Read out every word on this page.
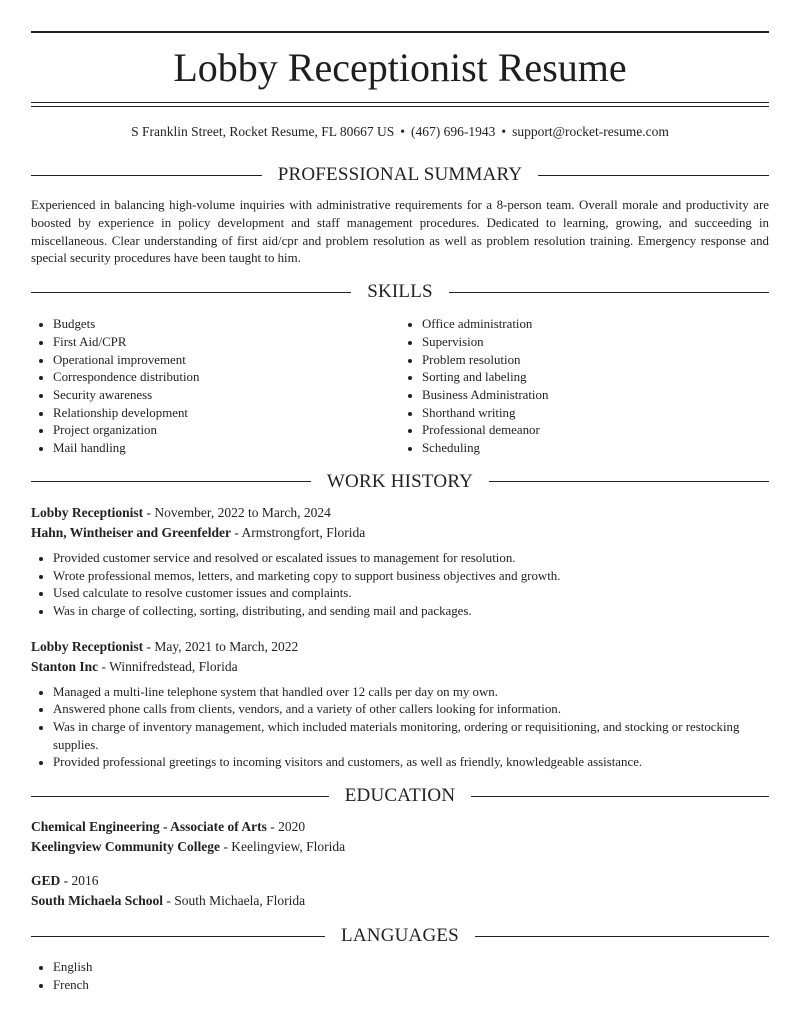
Lobby Receptionist Resume
S Franklin Street, Rocket Resume, FL 80667 US • (467) 696-1943 • support@rocket-resume.com
PROFESSIONAL SUMMARY

Experienced in balancing high-volume inquiries with administrative requirements for a 8-person team. Overall morale and productivity are boosted by experience in policy development and staff management procedures. Dedicated to learning, growing, and succeeding in miscellaneous. Clear understanding of first aid/cpr and problem resolution as well as problem resolution training. Emergency response and special security procedures have been taught to him.

SKILLS
• Budgets
• First Aid/CPR
• Operational improvement
• Correspondence distribution
• Security awareness
• Relationship development
• Project organization
• Mail handling
• Office administration
• Supervision
• Problem resolution
• Sorting and labeling
• Business Administration
• Shorthand writing
• Professional demeanor
• Scheduling
WORK HISTORY
Lobby Receptionist - November, 2022 to March, 2024
Hahn, Wintheiser and Greenfelder - Armstrongfort, Florida
• Provided customer service and resolved or escalated issues to management for resolution.
• Wrote professional memos, letters, and marketing copy to support business objectives and growth.
• Used calculate to resolve customer issues and complaints.
• Was in charge of collecting, sorting, distributing, and sending mail and packages.
Lobby Receptionist - May, 2021 to March, 2022
Stanton Inc - Winnifredstead, Florida
• Managed a multi-line telephone system that handled over 12 calls per day on my own.
• Answered phone calls from clients, vendors, and a variety of other callers looking for information.
• Was in charge of inventory management, which included materials monitoring, ordering or requisitioning, and stocking or restocking supplies.
• Provided professional greetings to incoming visitors and customers, as well as friendly, knowledgeable assistance.
EDUCATION
Chemical Engineering - Associate of Arts - 2020
Keelingview Community College - Keelingview, Florida
GED - 2016
South Michaela School - South Michaela, Florida
LANGUAGES
• English
• French
